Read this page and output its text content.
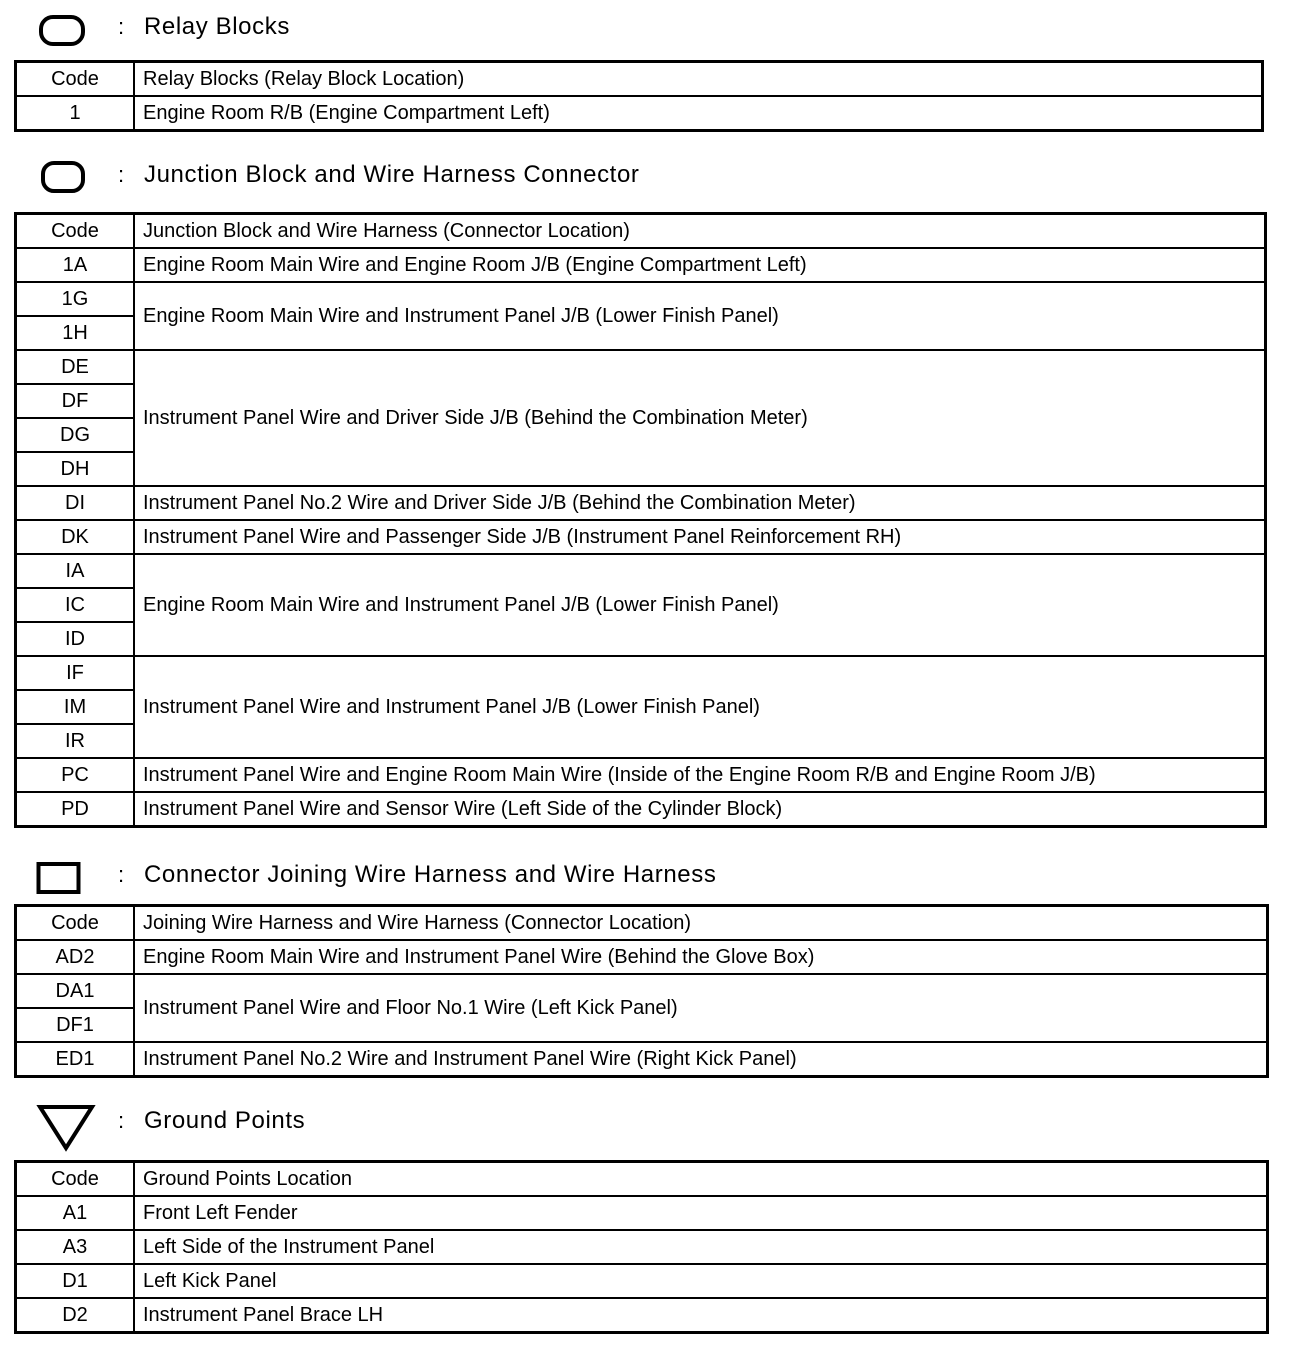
: Relay Blocks
Code	Relay Blocks (Relay Block Location)
1	Engine Room R/B (Engine Compartment Left)
: Junction Block and Wire Harness Connector
Code	Junction Block and Wire Harness (Connector Location)
1A	Engine Room Main Wire and Engine Room J/B (Engine Compartment Left)
1G	Engine Room Main Wire and Instrument Panel J/B (Lower Finish Panel)
1H	
DE	Instrument Panel Wire and Driver Side J/B (Behind the Combination Meter)
DF	
DG	
DH	
DI	Instrument Panel No.2 Wire and Driver Side J/B (Behind the Combination Meter)
DK	Instrument Panel Wire and Passenger Side J/B (Instrument Panel Reinforcement RH)
IA	Engine Room Main Wire and Instrument Panel J/B (Lower Finish Panel)
IC	
ID	
IF	Instrument Panel Wire and Instrument Panel J/B (Lower Finish Panel)
IM	
IR	
PC	Instrument Panel Wire and Engine Room Main Wire (Inside of the Engine Room R/B and Engine Room J/B)
PD	Instrument Panel Wire and Sensor Wire (Left Side of the Cylinder Block)
: Connector Joining Wire Harness and Wire Harness
Code	Joining Wire Harness and Wire Harness (Connector Location)
AD2	Engine Room Main Wire and Instrument Panel Wire (Behind the Glove Box)
DA1	Instrument Panel Wire and Floor No.1 Wire (Left Kick Panel)
DF1	
ED1	Instrument Panel No.2 Wire and Instrument Panel Wire (Right Kick Panel)
: Ground Points
Code	Ground Points Location
A1	Front Left Fender
A3	Left Side of the Instrument Panel
D1	Left Kick Panel
D2	Instrument Panel Brace LH
